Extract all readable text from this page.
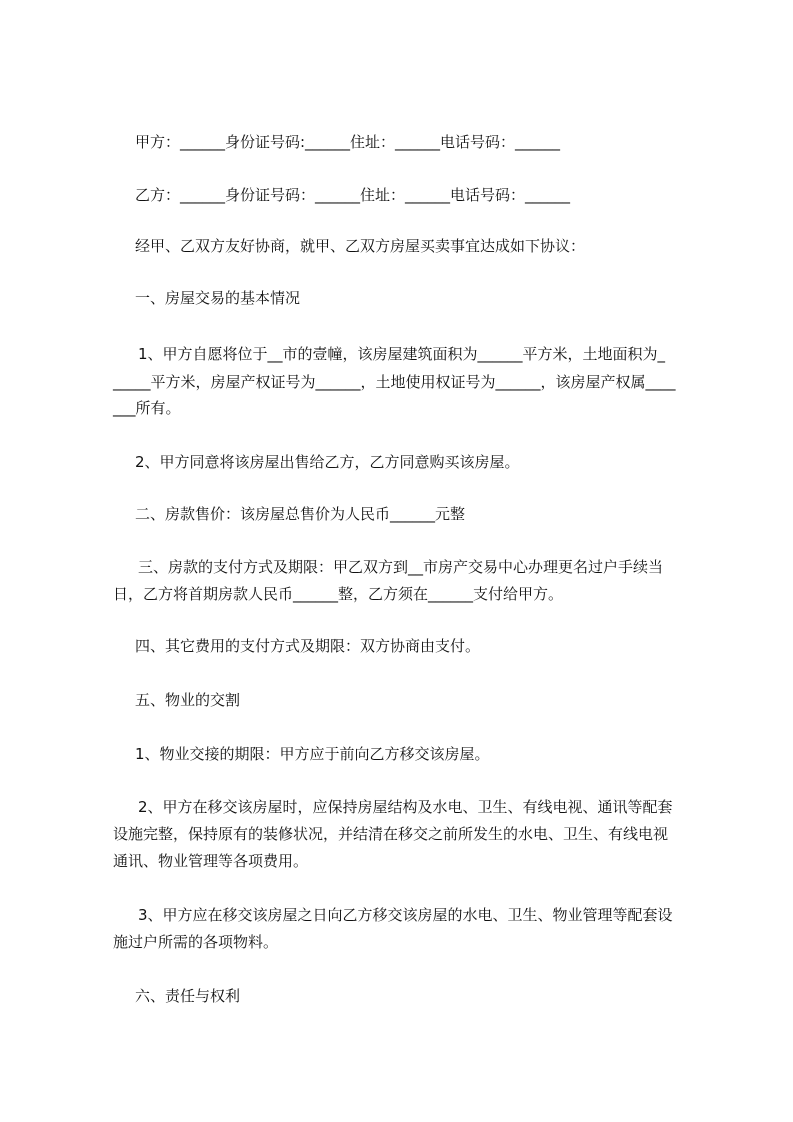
甲方：______身份证号码:______住址：______电话号码：______
乙方：______身份证号码：______住址：______电话号码：______
经甲、乙双方友好协商，就甲、乙双方房屋买卖事宜达成如下协议：
一、房屋交易的基本情况
1、甲方自愿将位于__市的壹幢，该房屋建筑面积为______平方米，土地面积为_
_____平方米，房屋产权证号为______，土地使用权证号为______，该房屋产权属____
___所有。
2、甲方同意将该房屋出售给乙方，乙方同意购买该房屋。
二、房款售价：该房屋总售价为人民币______元整
三、房款的支付方式及期限：甲乙双方到__市房产交易中心办理更名过户手续当
日，乙方将首期房款人民币______整，乙方须在______支付给甲方。
四、其它费用的支付方式及期限：双方协商由支付。
五、物业的交割
1、物业交接的期限：甲方应于前向乙方移交该房屋。
2、甲方在移交该房屋时，应保持房屋结构及水电、卫生、有线电视、通讯等配套
设施完整，保持原有的装修状况，并结清在移交之前所发生的水电、卫生、有线电视
通讯、物业管理等各项费用。
3、甲方应在移交该房屋之日向乙方移交该房屋的水电、卫生、物业管理等配套设
施过户所需的各项物料。
六、责任与权利
